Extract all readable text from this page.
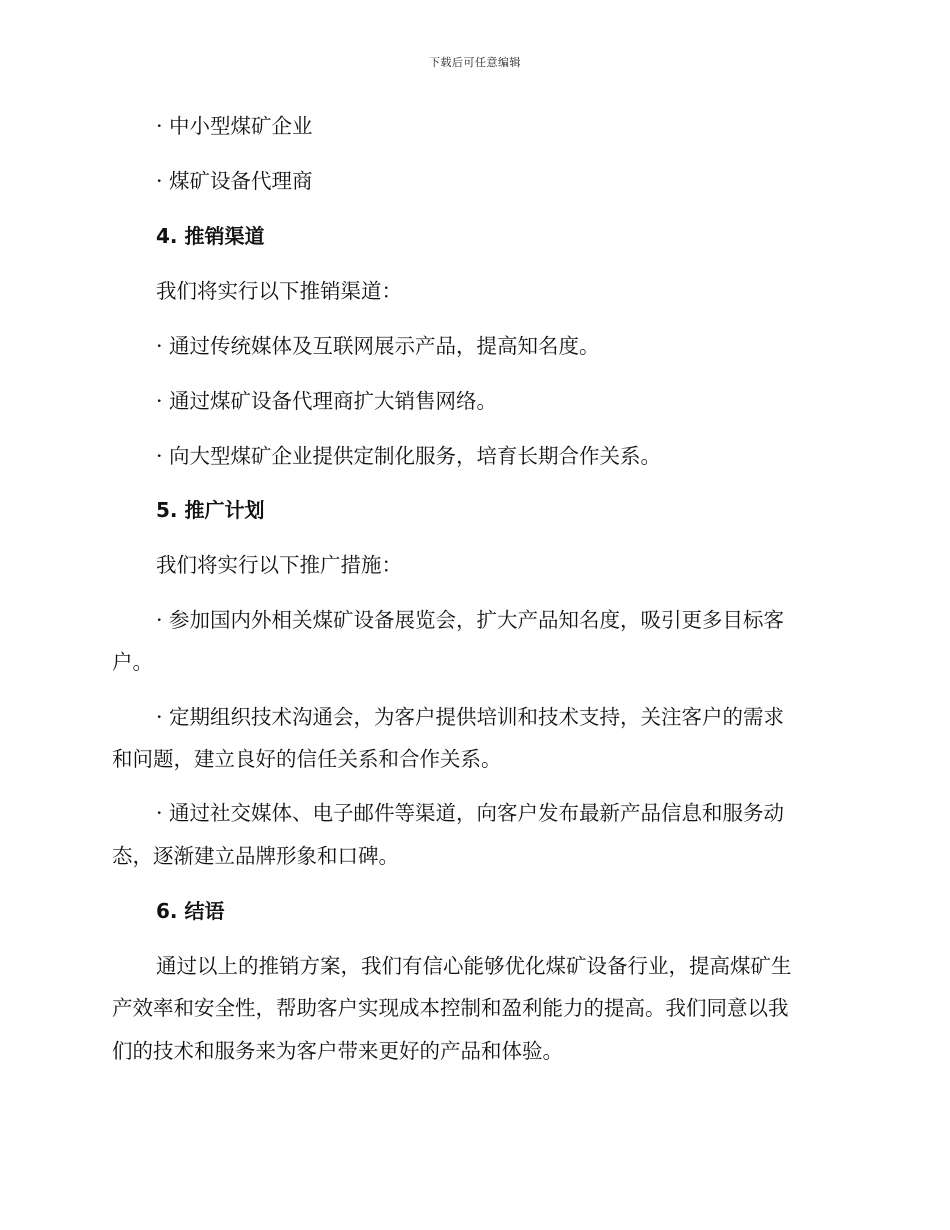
下载后可任意编辑
· 中小型煤矿企业
· 煤矿设备代理商
4. 推销渠道
我们将实行以下推销渠道：
· 通过传统媒体及互联网展示产品，提高知名度。
· 通过煤矿设备代理商扩大销售网络。
· 向大型煤矿企业提供定制化服务，培育长期合作关系。
5. 推广计划
我们将实行以下推广措施：
· 参加国内外相关煤矿设备展览会，扩大产品知名度，吸引更多目标客
户。
· 定期组织技术沟通会，为客户提供培训和技术支持，关注客户的需求
和问题，建立良好的信任关系和合作关系。
· 通过社交媒体、电子邮件等渠道，向客户发布最新产品信息和服务动
态，逐渐建立品牌形象和口碑。
6. 结语
通过以上的推销方案，我们有信心能够优化煤矿设备行业，提高煤矿生
产效率和安全性，帮助客户实现成本控制和盈利能力的提高。我们同意以我
们的技术和服务来为客户带来更好的产品和体验。
